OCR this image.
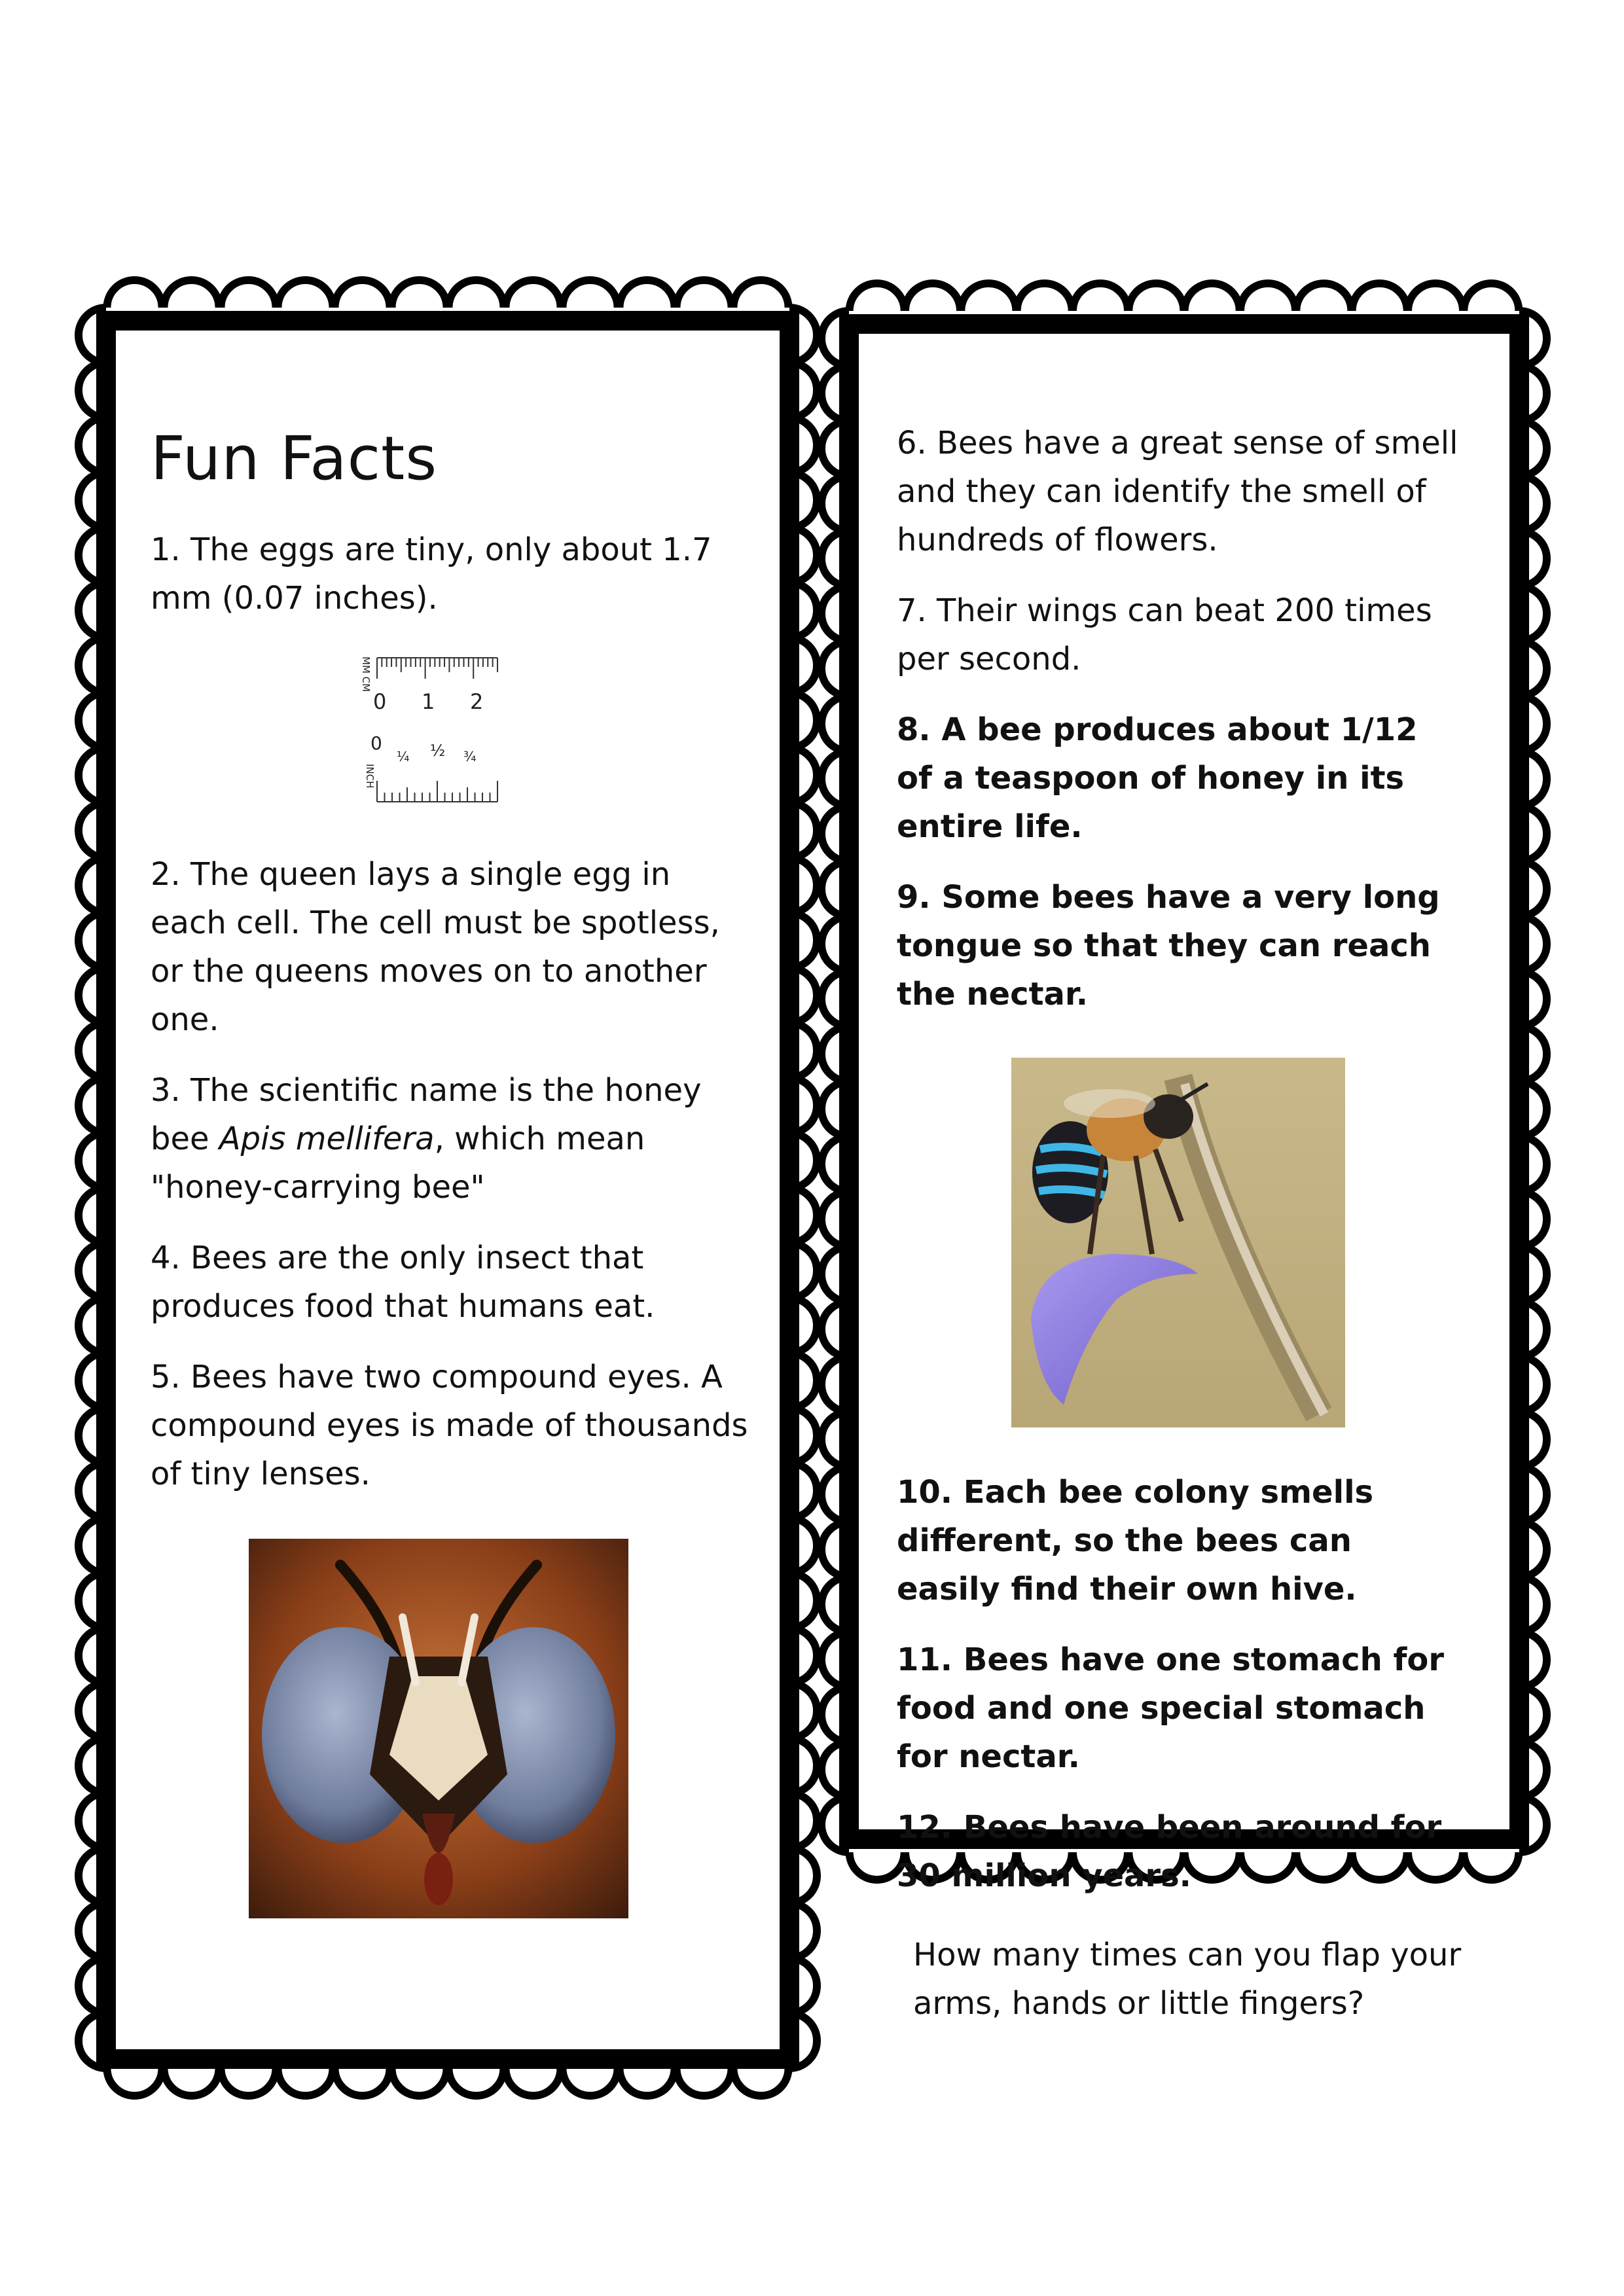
Fun Facts

1. The eggs are tiny, only about 1.7 mm (0.07 inches).

MM CM
0 1 2
0
¼ ½ ¾
INCH

2. The queen lays a single egg in each cell. The cell must be spotless, or the queens moves on to another one.

3. The scientific name is the honey bee Apis mellifera, which mean "honey-carrying bee"

4. Bees are the only insect that produces food that humans eat.

5. Bees have two compound eyes. A compound eyes is made of thousands of tiny lenses.

6. Bees have a great sense of smell and they can identify the smell of hundreds of flowers.

7. Their wings can beat 200 times per second.

8. A bee produces about 1/12 of a teaspoon of honey in its entire life.

9. Some bees have a very long tongue so that they can reach the nectar.

10. Each bee colony smells different, so the bees can easily find their own hive.

11. Bees have one stomach for food and one special stomach for nectar.

12. Bees have been around for 30 million years.

How many times can you flap your arms, hands or little fingers?
